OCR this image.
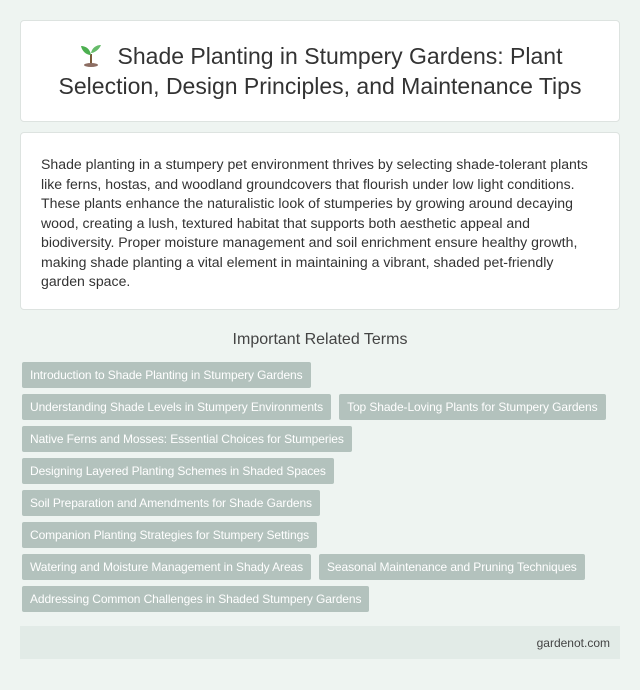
Shade Planting in Stumpery Gardens: Plant Selection, Design Principles, and Maintenance Tips

Shade planting in a stumpery pet environment thrives by selecting shade-tolerant plants like ferns, hostas, and woodland groundcovers that flourish under low light conditions. These plants enhance the naturalistic look of stumperies by growing around decaying wood, creating a lush, textured habitat that supports both aesthetic appeal and biodiversity. Proper moisture management and soil enrichment ensure healthy growth, making shade planting a vital element in maintaining a vibrant, shaded pet-friendly garden space.

Important Related Terms
Introduction to Shade Planting in Stumpery Gardens
Understanding Shade Levels in Stumpery Environments	Top Shade-Loving Plants for Stumpery Gardens
Native Ferns and Mosses: Essential Choices for Stumperies
Designing Layered Planting Schemes in Shaded Spaces
Soil Preparation and Amendments for Shade Gardens
Companion Planting Strategies for Stumpery Settings
Watering and Moisture Management in Shady Areas	Seasonal Maintenance and Pruning Techniques
Addressing Common Challenges in Shaded Stumpery Gardens
gardenot.com
